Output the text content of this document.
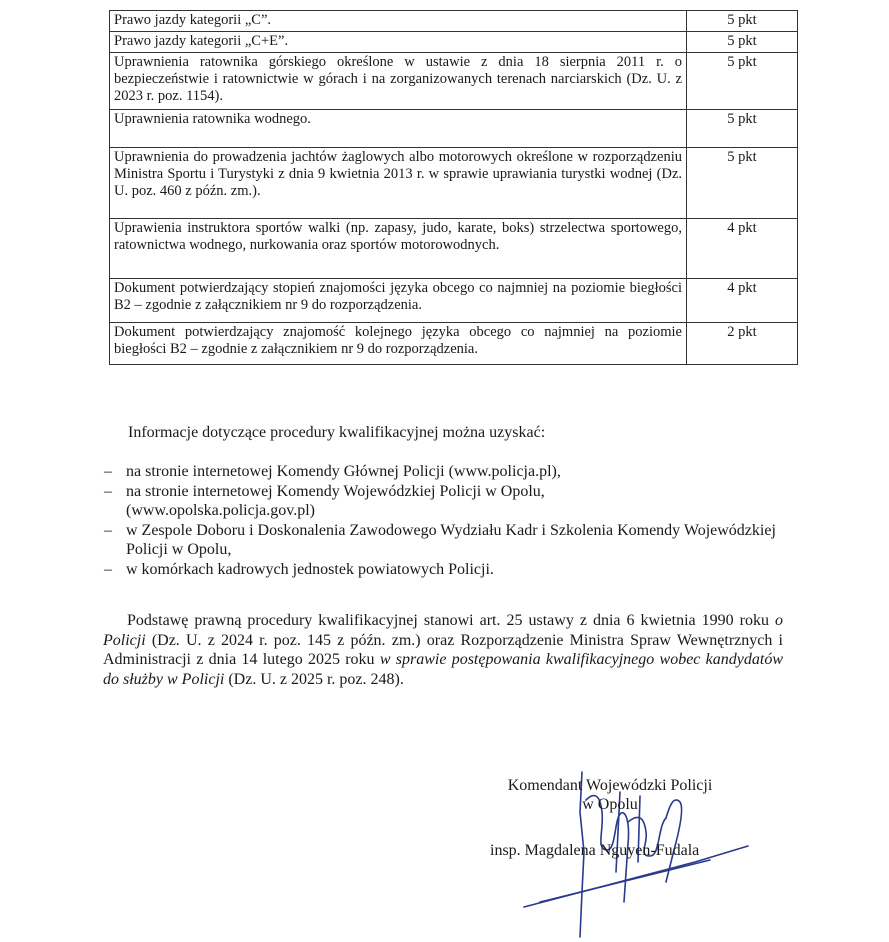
Prawo jazdy kategorii „C”.	5 pkt
Prawo jazdy kategorii „C+E”.	5 pkt
Uprawnienia ratownika górskiego określone w ustawie z dnia 18 sierpnia 2011 r. o bezpieczeństwie i ratownictwie w górach i na zorganizowanych terenach narciarskich (Dz. U. z 2023 r. poz. 1154).	5 pkt
Uprawnienia ratownika wodnego.	5 pkt
Uprawnienia do prowadzenia jachtów żaglowych albo motorowych określone w rozporządzeniu Ministra Sportu i Turystyki z dnia 9 kwietnia 2013 r. w sprawie uprawiania turystki wodnej (Dz. U. poz. 460 z późn. zm.).	5 pkt
Uprawienia instruktora sportów walki (np. zapasy, judo, karate, boks) strzelectwa sportowego, ratownictwa wodnego, nurkowania oraz sportów motorowodnych.	4 pkt
Dokument potwierdzający stopień znajomości języka obcego co najmniej na poziomie biegłości B2 – zgodnie z załącznikiem nr 9 do rozporządzenia.	4 pkt
Dokument potwierdzający znajomość kolejnego języka obcego co najmniej na poziomie biegłości B2 – zgodnie z załącznikiem nr 9 do rozporządzenia.	2 pkt
Informacje dotyczące procedury kwalifikacyjnej można uzyskać:
– na stronie internetowej Komendy Głównej Policji (www.policja.pl),
– na stronie internetowej Komendy Wojewódzkiej Policji w Opolu, (www.opolska.policja.gov.pl)
– w Zespole Doboru i Doskonalenia Zawodowego Wydziału Kadr i Szkolenia Komendy Wojewódzkiej Policji w Opolu,
– w komórkach kadrowych jednostek powiatowych Policji.
Podstawę prawną procedury kwalifikacyjnej stanowi art. 25 ustawy z dnia 6 kwietnia 1990 roku o Policji (Dz. U. z 2024 r. poz. 145 z późn. zm.) oraz Rozporządzenie Ministra Spraw Wewnętrznych i Administracji z dnia 14 lutego 2025 roku w sprawie postępowania kwalifikacyjnego wobec kandydatów do służby w Policji (Dz. U. z 2025 r. poz. 248).
Komendant Wojewódzki Policji
w Opolu
insp. Magdalena Nguyen-Fudala
